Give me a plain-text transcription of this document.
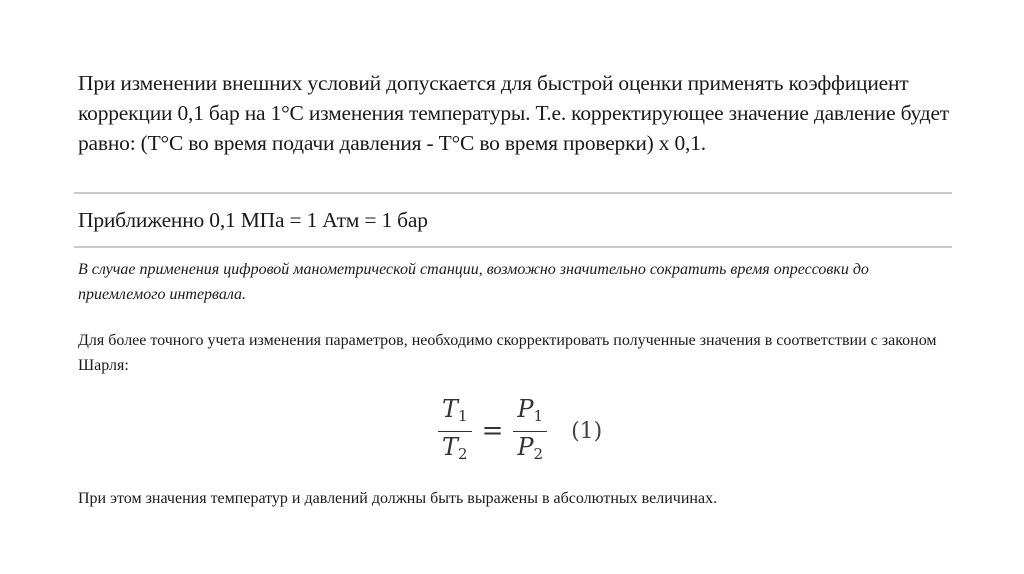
При изменении внешних условий допускается для быстрой оценки применять коэффициент коррекции 0,1 бар на 1°С изменения температуры. Т.е. корректирующее значение давление будет равно: (Т°С во время подачи давления - Т°С во время проверки) х 0,1.

Приближенно 0,1 МПа = 1 Атм = 1 бар

В случае применения цифровой манометрической станции, возможно значительно сократить время опрессовки до приемлемого интервала.

Для более точного учета изменения параметров, необходимо скорректировать полученные значения в соответствии с законом Шарля:

$\frac{T_1}{T_2} = \frac{P_1}{P_2} (1)$

При этом значения температур и давлений должны быть выражены в абсолютных величинах.
